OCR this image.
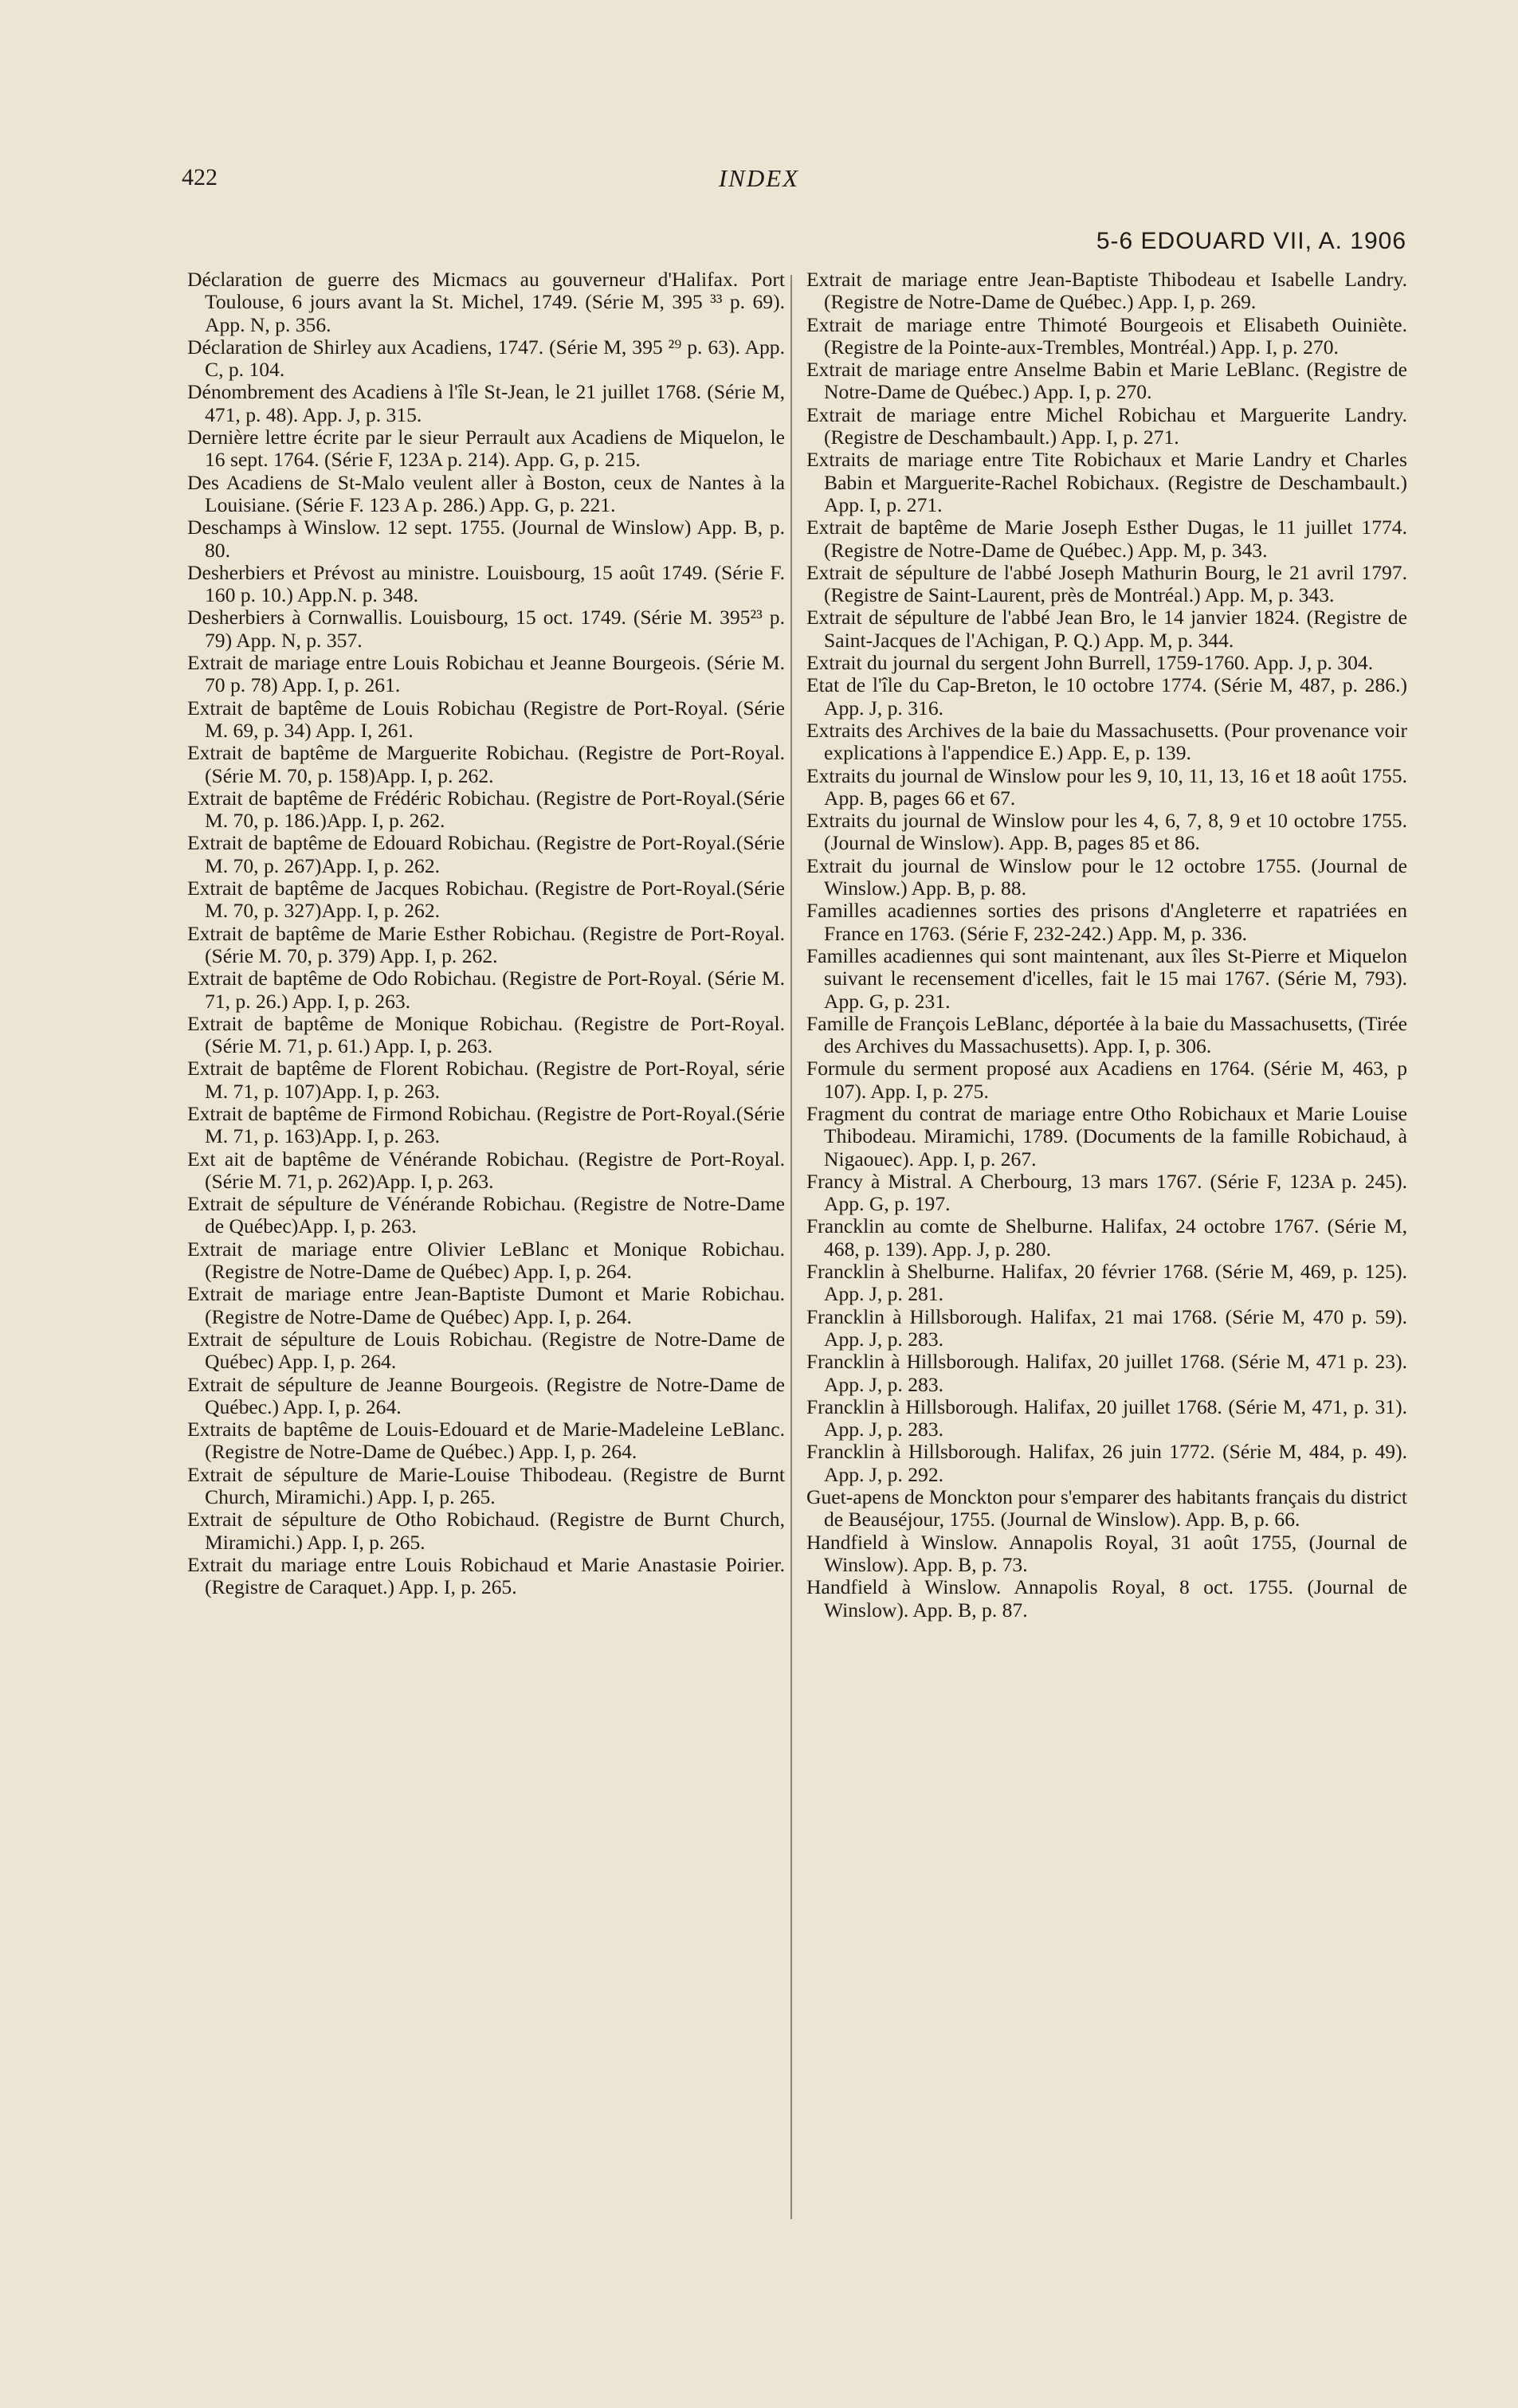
422	INDEX
5-6 EDOUARD VII, A. 1906

Déclaration de guerre des Micmacs au gouverneur d'Halifax. Port Toulouse, 6 jours avant la St. Michel, 1749. (Série M, 395 ³³ p. 69). App. N, p. 356.

Déclaration de Shirley aux Acadiens, 1747. (Série M, 395 ²⁹ p. 63). App. C, p. 104.

Dénombrement des Acadiens à l'île St-Jean, le 21 juillet 1768. (Série M, 471, p. 48). App. J, p. 315.

Dernière lettre écrite par le sieur Perrault aux Acadiens de Miquelon, le 16 sept. 1764. (Série F, 123A p. 214). App. G, p. 215.

Des Acadiens de St-Malo veulent aller à Boston, ceux de Nantes à la Louisiane. (Série F. 123 A p. 286.) App. G, p. 221.

Deschamps à Winslow. 12 sept. 1755. (Journal de Winslow) App. B, p. 80.

Desherbiers et Prévost au ministre. Louisbourg, 15 août 1749. (Série F. 160 p. 10.) App.N. p. 348.

Desherbiers à Cornwallis. Louisbourg, 15 oct. 1749. (Série M. 395²³ p. 79) App. N, p. 357.

Extrait de mariage entre Louis Robichau et Jeanne Bourgeois. (Série M. 70 p. 78) App. I, p. 261.

Extrait de baptême de Louis Robichau (Registre de Port-Royal. (Série M. 69, p. 34) App. I, 261.

Extrait de baptême de Marguerite Robichau. (Registre de Port-Royal.(Série M. 70, p. 158)App. I, p. 262.

Extrait de baptême de Frédéric Robichau. (Registre de Port-Royal.(Série M. 70, p. 186.)App. I, p. 262.

Extrait de baptême de Edouard Robichau. (Registre de Port-Royal.(Série M. 70, p. 267)App. I, p. 262.

Extrait de baptême de Jacques Robichau. (Registre de Port-Royal.(Série M. 70, p. 327)App. I, p. 262.

Extrait de baptême de Marie Esther Robichau. (Registre de Port-Royal. (Série M. 70, p. 379) App. I, p. 262.

Extrait de baptême de Odo Robichau. (Registre de Port-Royal. (Série M. 71, p. 26.) App. I, p. 263.

Extrait de baptême de Monique Robichau. (Registre de Port-Royal. (Série M. 71, p. 61.) App. I, p. 263.

Extrait de baptême de Florent Robichau. (Registre de Port-Royal, série M. 71, p. 107)App. I, p. 263.

Extrait de baptême de Firmond Robichau. (Registre de Port-Royal.(Série M. 71, p. 163)App. I, p. 263.

Ext ait de baptême de Vénérande Robichau. (Registre de Port-Royal.(Série M. 71, p. 262)App. I, p. 263.

Extrait de sépulture de Vénérande Robichau. (Registre de Notre-Dame de Québec)App. I, p. 263.

Extrait de mariage entre Olivier LeBlanc et Monique Robichau. (Registre de Notre-Dame de Québec) App. I, p. 264.

Extrait de mariage entre Jean-Baptiste Dumont et Marie Robichau. (Registre de Notre-Dame de Québec) App. I, p. 264.

Extrait de sépulture de Louis Robichau. (Registre de Notre-Dame de Québec) App. I, p. 264.

Extrait de sépulture de Jeanne Bourgeois. (Registre de Notre-Dame de Québec.) App. I, p. 264.

Extraits de baptême de Louis-Edouard et de Marie-Madeleine LeBlanc. (Registre de Notre-Dame de Québec.) App. I, p. 264.

Extrait de sépulture de Marie-Louise Thibodeau. (Registre de Burnt Church, Miramichi.) App. I, p. 265.

Extrait de sépulture de Otho Robichaud. (Registre de Burnt Church, Miramichi.) App. I, p. 265.

Extrait du mariage entre Louis Robichaud et Marie Anastasie Poirier. (Registre de Caraquet.) App. I, p. 265.

Extrait de mariage entre Jean-Baptiste Thibodeau et Isabelle Landry. (Registre de Notre-Dame de Québec.) App. I, p. 269.

Extrait de mariage entre Thimoté Bourgeois et Elisabeth Ouiniète. (Registre de la Pointe-aux-Trembles, Montréal.) App. I, p. 270.

Extrait de mariage entre Anselme Babin et Marie LeBlanc. (Registre de Notre-Dame de Québec.) App. I, p. 270.

Extrait de mariage entre Michel Robichau et Marguerite Landry. (Registre de Deschambault.) App. I, p. 271.

Extraits de mariage entre Tite Robichaux et Marie Landry et Charles Babin et Marguerite-Rachel Robichaux. (Registre de Deschambault.) App. I, p. 271.

Extrait de baptême de Marie Joseph Esther Dugas, le 11 juillet 1774. (Registre de Notre-Dame de Québec.) App. M, p. 343.

Extrait de sépulture de l'abbé Joseph Mathurin Bourg, le 21 avril 1797. (Registre de Saint-Laurent, près de Montréal.) App. M, p. 343.

Extrait de sépulture de l'abbé Jean Bro, le 14 janvier 1824. (Registre de Saint-Jacques de l'Achigan, P. Q.) App. M, p. 344.

Extrait du journal du sergent John Burrell, 1759-1760. App. J, p. 304.

Etat de l'île du Cap-Breton, le 10 octobre 1774. (Série M, 487, p. 286.) App. J, p. 316.

Extraits des Archives de la baie du Massachusetts. (Pour provenance voir explications à l'appendice E.) App. E, p. 139.

Extraits du journal de Winslow pour les 9, 10, 11, 13, 16 et 18 août 1755. App. B, pages 66 et 67.

Extraits du journal de Winslow pour les 4, 6, 7, 8, 9 et 10 octobre 1755. (Journal de Winslow). App. B, pages 85 et 86.

Extrait du journal de Winslow pour le 12 octobre 1755. (Journal de Winslow.) App. B, p. 88.

Familles acadiennes sorties des prisons d'Angleterre et rapatriées en France en 1763. (Série F, 232-242.) App. M, p. 336.

Familles acadiennes qui sont maintenant, aux îles St-Pierre et Miquelon suivant le recensement d'icelles, fait le 15 mai 1767. (Série M, 793). App. G, p. 231.

Famille de François LeBlanc, déportée à la baie du Massachusetts, (Tirée des Archives du Massachusetts). App. I, p. 306.

Formule du serment proposé aux Acadiens en 1764. (Série M, 463, p 107). App. I, p. 275.

Fragment du contrat de mariage entre Otho Robichaux et Marie Louise Thibodeau. Miramichi, 1789. (Documents de la famille Robichaud, à Nigaouec). App. I, p. 267.

Francy à Mistral. A Cherbourg, 13 mars 1767. (Série F, 123A p. 245). App. G, p. 197.

Francklin au comte de Shelburne. Halifax, 24 octobre 1767. (Série M, 468, p. 139). App. J, p. 280.

Francklin à Shelburne. Halifax, 20 février 1768. (Série M, 469, p. 125). App. J, p. 281.

Francklin à Hillsborough. Halifax, 21 mai 1768. (Série M, 470 p. 59). App. J, p. 283.

Francklin à Hillsborough. Halifax, 20 juillet 1768. (Série M, 471 p. 23). App. J, p. 283.

Francklin à Hillsborough. Halifax, 20 juillet 1768. (Série M, 471, p. 31). App. J, p. 283.

Francklin à Hillsborough. Halifax, 26 juin 1772. (Série M, 484, p. 49). App. J, p. 292.

Guet-apens de Monckton pour s'emparer des habitants français du district de Beauséjour, 1755. (Journal de Winslow). App. B, p. 66.

Handfield à Winslow. Annapolis Royal, 31 août 1755, (Journal de Winslow). App. B, p. 73.

Handfield à Winslow. Annapolis Royal, 8 oct. 1755. (Journal de Winslow). App. B, p. 87.
